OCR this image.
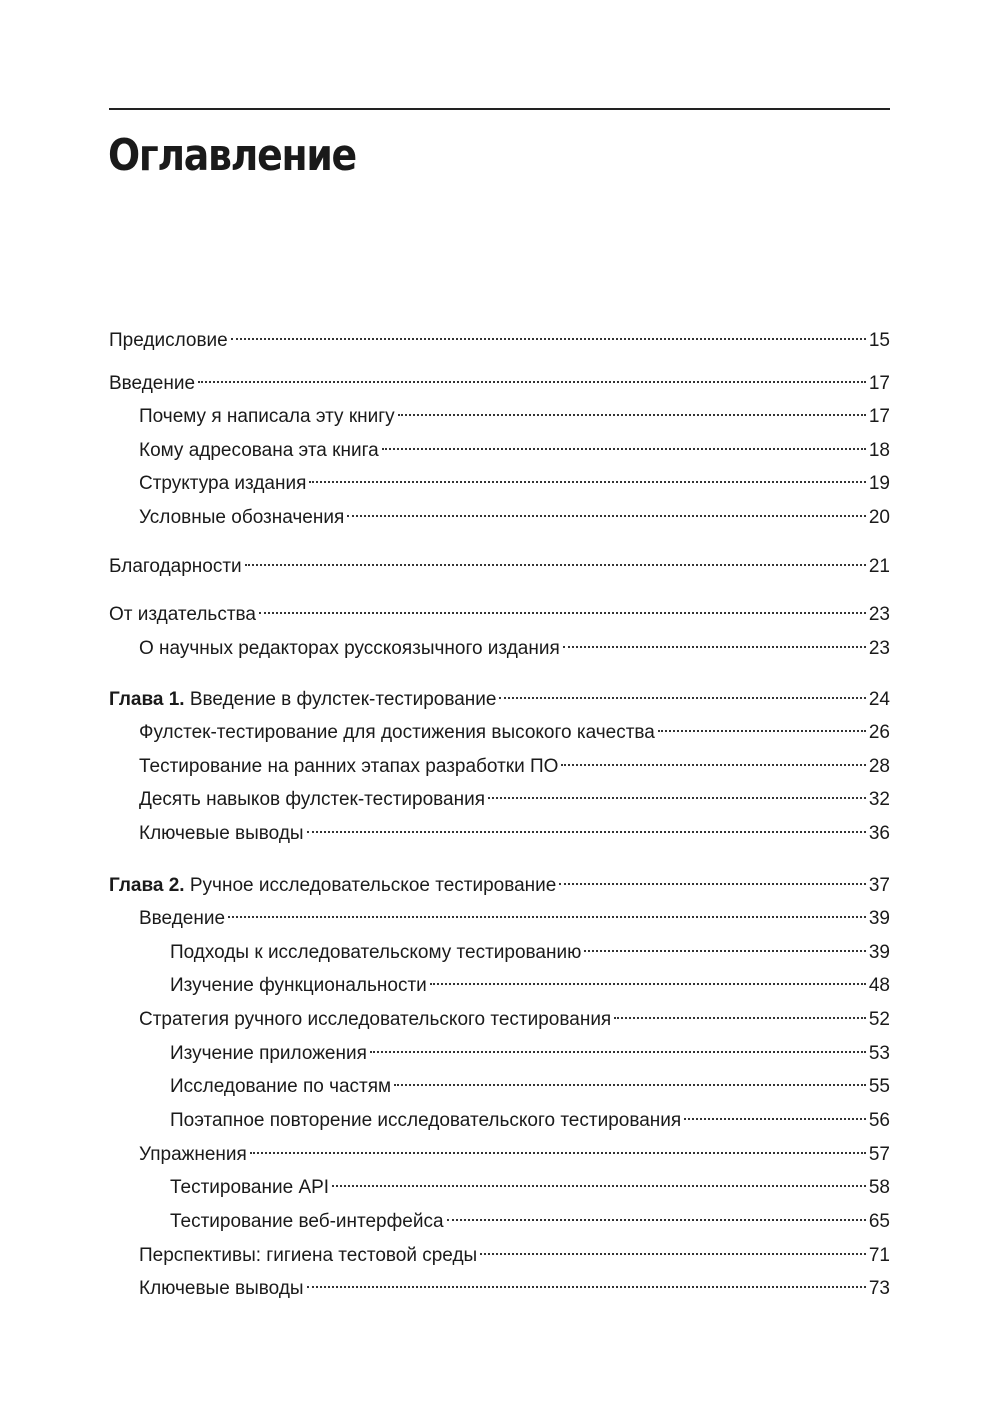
Оглавление
Предисловие	15
Введение	17
Почему я написала эту книгу	17
Кому адресована эта книга	18
Структура издания	19
Условные обозначения	20
Благодарности	21
От издательства	23
О научных редакторах русскоязычного издания	23
Глава 1. Введение в фулстек-тестирование	24
Фулстек-тестирование для достижения высокого качества	26
Тестирование на ранних этапах разработки ПО	28
Десять навыков фулстек-тестирования	32
Ключевые выводы	36
Глава 2. Ручное исследовательское тестирование	37
Введение	39
Подходы к исследовательскому тестированию	39
Изучение функциональности	48
Стратегия ручного исследовательского тестирования	52
Изучение приложения	53
Исследование по частям	55
Поэтапное повторение исследовательского тестирования	56
Упражнения	57
Тестирование API	58
Тестирование веб-интерфейса	65
Перспективы: гигиена тестовой среды	71
Ключевые выводы	73
